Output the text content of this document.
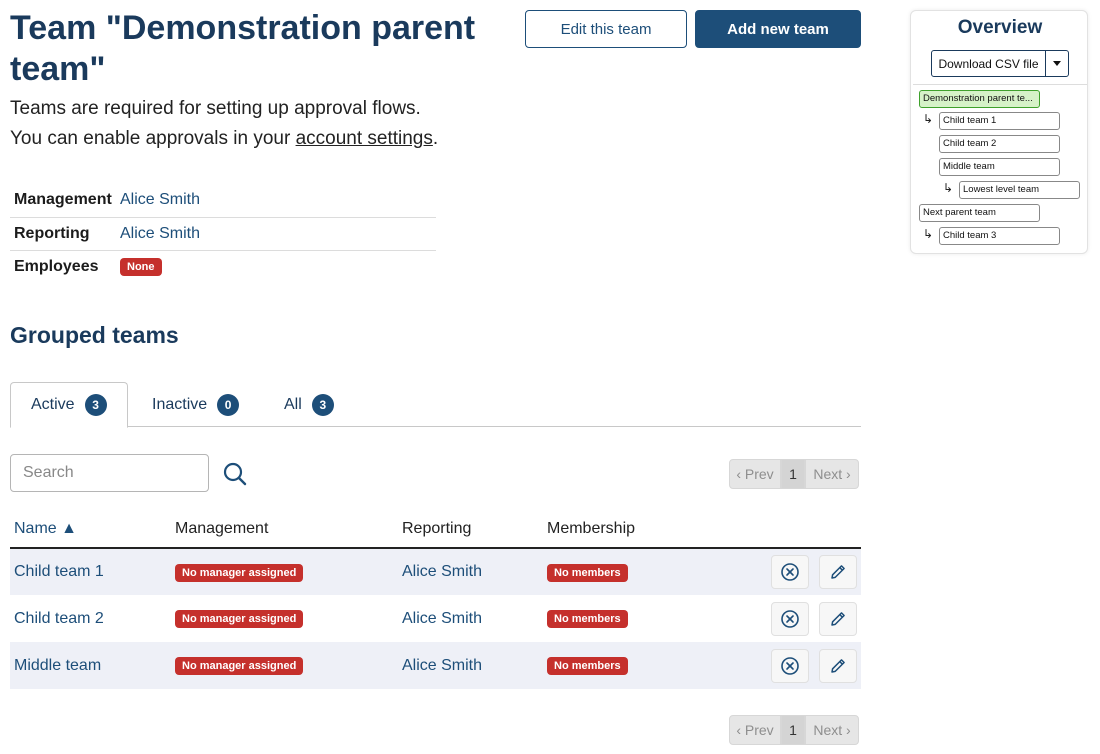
Team "Demonstration parent team"
Teams are required for setting up approval flows.
You can enable approvals in your account settings.
Edit this team	Add new team
Management	Alice Smith
Reporting	Alice Smith
Employees	None
Grouped teams
Active	3	Inactive	0	All	3
Search
‹ Prev	1	Next ›
Name ▲	Management	Reporting	Membership	
Child team 1	No manager assigned	Alice Smith	No members	

Child team 2	No manager assigned	Alice Smith	No members	

Middle team	No manager assigned	Alice Smith	No members	
‹ Prev	1	Next ›
Overview
Download CSV file
Demonstration parent te...
↳	Child team 1
Child team 2
Middle team
↳	Lowest level team
Next parent team
↳	Child team 3
